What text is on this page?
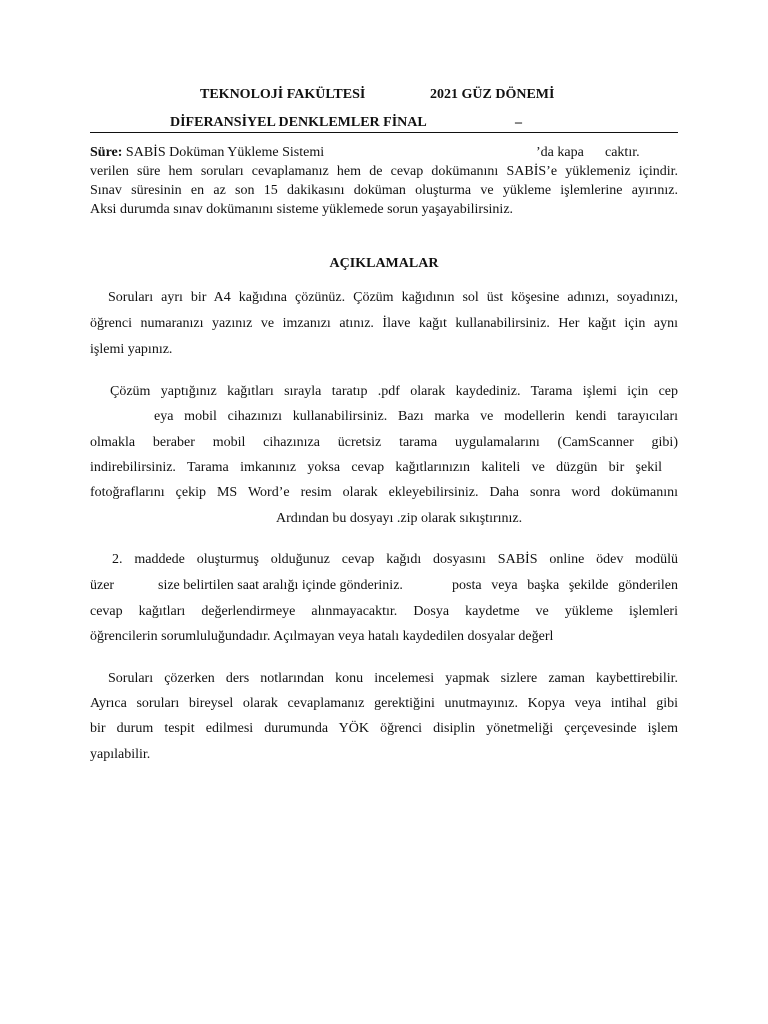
TEKNOLOJİ FAKÜLTESİ	2021 GÜZ DÖNEMİ
DİFERANSİYEL DENKLEMLER FİNAL	–
Süre: SABİS Doküman Yükleme Sistemi	’da kapa caktır.
verilen süre hem soruları cevaplamanız hem de cevap dokümanını SABİS’e yüklemeniz içindir.
Sınav süresinin en az son 15 dakikasını doküman oluşturma ve yükleme işlemlerine ayırınız.
Aksi durumda sınav dokümanını sisteme yüklemede sorun yaşayabilirsiniz.
AÇIKLAMALAR
Soruları ayrı bir A4 kağıdına çözünüz. Çözüm kağıdının sol üst köşesine adınızı, soyadınızı,
öğrenci numaranızı yazınız ve imzanızı atınız. İlave kağıt kullanabilirsiniz. Her kağıt için aynı
işlemi yapınız.
Çözüm yaptığınız kağıtları sırayla taratıp .pdf olarak kaydediniz. Tarama işlemi için cep
eya mobil cihazınızı kullanabilirsiniz. Bazı marka ve modellerin kendi tarayıcıları
olmakla beraber mobil cihazınıza ücretsiz tarama uygulamalarını (CamScanner gibi)
indirebilirsiniz. Tarama imkanınız yoksa cevap kağıtlarınızın kaliteli ve düzgün bir şekil
fotoğraflarını çekip MS Word’e resim olarak ekleyebilirsiniz. Daha sonra word dokümanını
Ardından bu dosyayı .zip olarak sıkıştırınız.
2. maddede oluşturmuş olduğunuz cevap kağıdı dosyasını SABİS online ödev modülü
üzer	size belirtilen saat aralığı içinde gönderiniz.	posta veya başka şekilde gönderilen
cevap kağıtları değerlendirmeye alınmayacaktır. Dosya kaydetme ve yükleme işlemleri
öğrencilerin sorumluluğundadır. Açılmayan veya hatalı kaydedilen dosyalar değerl
Soruları çözerken ders notlarından konu incelemesi yapmak sizlere zaman kaybettirebilir.
Ayrıca soruları bireysel olarak cevaplamanız gerektiğini unutmayınız. Kopya veya intihal gibi
bir durum tespit edilmesi durumunda YÖK öğrenci disiplin yönetmeliği çerçevesinde işlem
yapılabilir.
